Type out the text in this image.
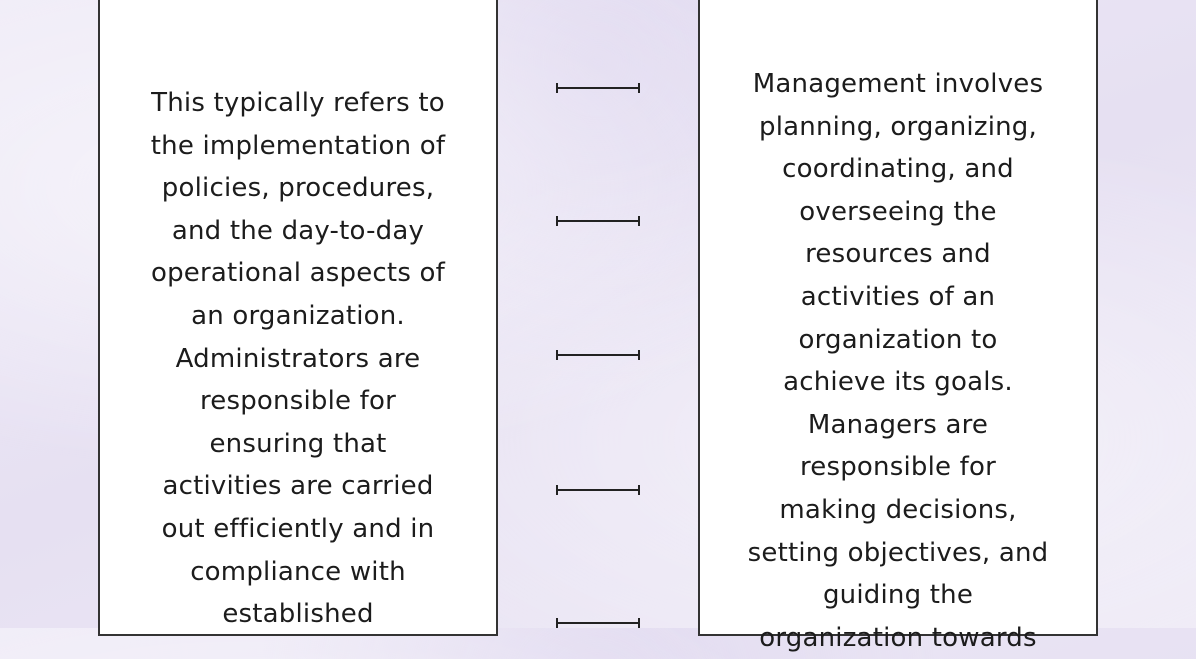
This typically refers to
the implementation of
policies, procedures,
and the day-to-day
operational aspects of
an organization.
Administrators are
responsible for
ensuring that
activities are carried
out efficiently and in
compliance with
established

Management involves
planning, organizing,
coordinating, and
overseeing the
resources and
activities of an
organization to
achieve its goals.
Managers are
responsible for
making decisions,
setting objectives, and
guiding the
organization towards
